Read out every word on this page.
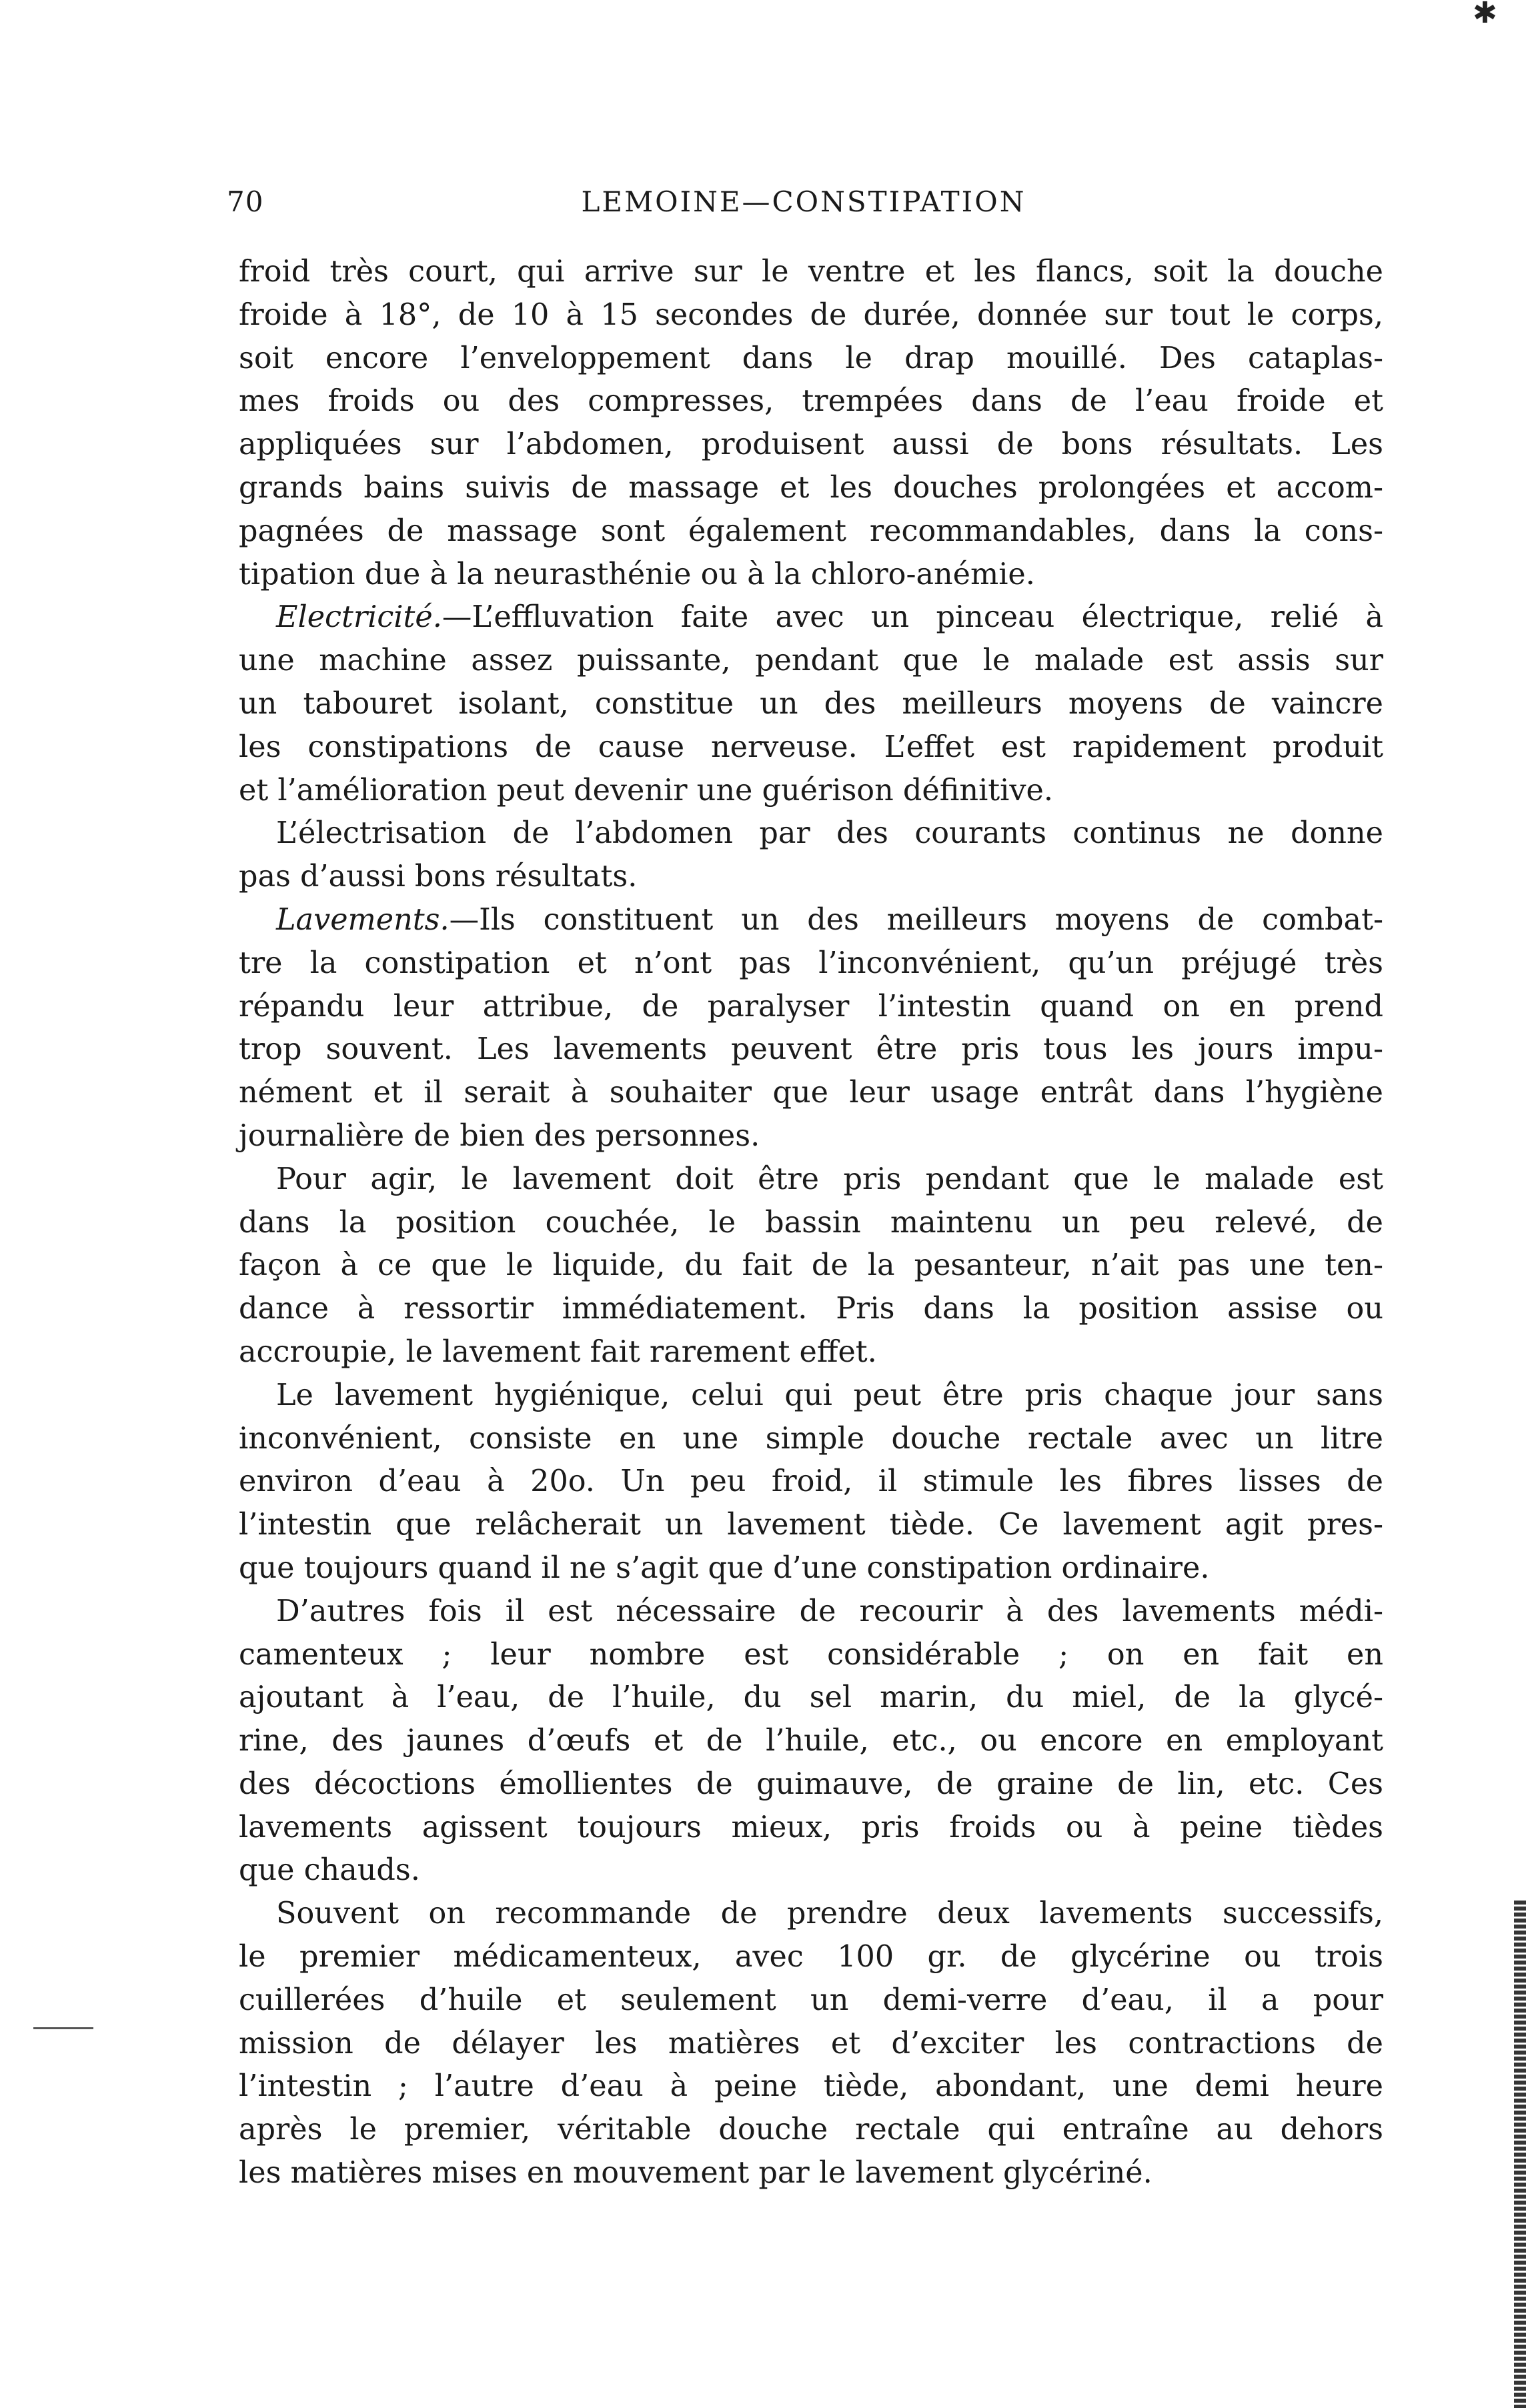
✱
70	LEMOINE—CONSTIPATION
froid très court, qui arrive sur le ventre et les flancs, soit la douche
froide à 18°, de 10 à 15 secondes de durée, donnée sur tout le corps,
soit encore l’enveloppement dans le drap mouillé. Des cataplas-
mes froids ou des compresses, trempées dans de l’eau froide et
appliquées sur l’abdomen, produisent aussi de bons résultats. Les
grands bains suivis de massage et les douches prolongées et accom-
pagnées de massage sont également recommandables, dans la cons-
tipation due à la neurasthénie ou à la chloro-anémie.
Electricité.—L’effluvation faite avec un pinceau électrique, relié à
une machine assez puissante, pendant que le malade est assis sur
un tabouret isolant, constitue un des meilleurs moyens de vaincre
les constipations de cause nerveuse. L’effet est rapidement produit
et l’amélioration peut devenir une guérison définitive.
L’électrisation de l’abdomen par des courants continus ne donne
pas d’aussi bons résultats.
Lavements.—Ils constituent un des meilleurs moyens de combat-
tre la constipation et n’ont pas l’inconvénient, qu’un préjugé très
répandu leur attribue, de paralyser l’intestin quand on en prend
trop souvent. Les lavements peuvent être pris tous les jours impu-
nément et il serait à souhaiter que leur usage entrât dans l’hygiène
journalière de bien des personnes.
Pour agir, le lavement doit être pris pendant que le malade est
dans la position couchée, le bassin maintenu un peu relevé, de
façon à ce que le liquide, du fait de la pesanteur, n’ait pas une ten-
dance à ressortir immédiatement. Pris dans la position assise ou
accroupie, le lavement fait rarement effet.
Le lavement hygiénique, celui qui peut être pris chaque jour sans
inconvénient, consiste en une simple douche rectale avec un litre
environ d’eau à 20o. Un peu froid, il stimule les fibres lisses de
l’intestin que relâcherait un lavement tiède. Ce lavement agit pres-
que toujours quand il ne s’agit que d’une constipation ordinaire.
D’autres fois il est nécessaire de recourir à des lavements médi-
camenteux ; leur nombre est considérable ; on en fait en
ajoutant à l’eau, de l’huile, du sel marin, du miel, de la glycé-
rine, des jaunes d’œufs et de l’huile, etc., ou encore en employant
des décoctions émollientes de guimauve, de graine de lin, etc. Ces
lavements agissent toujours mieux, pris froids ou à peine tièdes
que chauds.
Souvent on recommande de prendre deux lavements successifs,
le premier médicamenteux, avec 100 gr. de glycérine ou trois
cuillerées d’huile et seulement un demi-verre d’eau, il a pour
mission de délayer les matières et d’exciter les contractions de
l’intestin ; l’autre d’eau à peine tiède, abondant, une demi heure
après le premier, véritable douche rectale qui entraîne au dehors
les matières mises en mouvement par le lavement glycériné.
